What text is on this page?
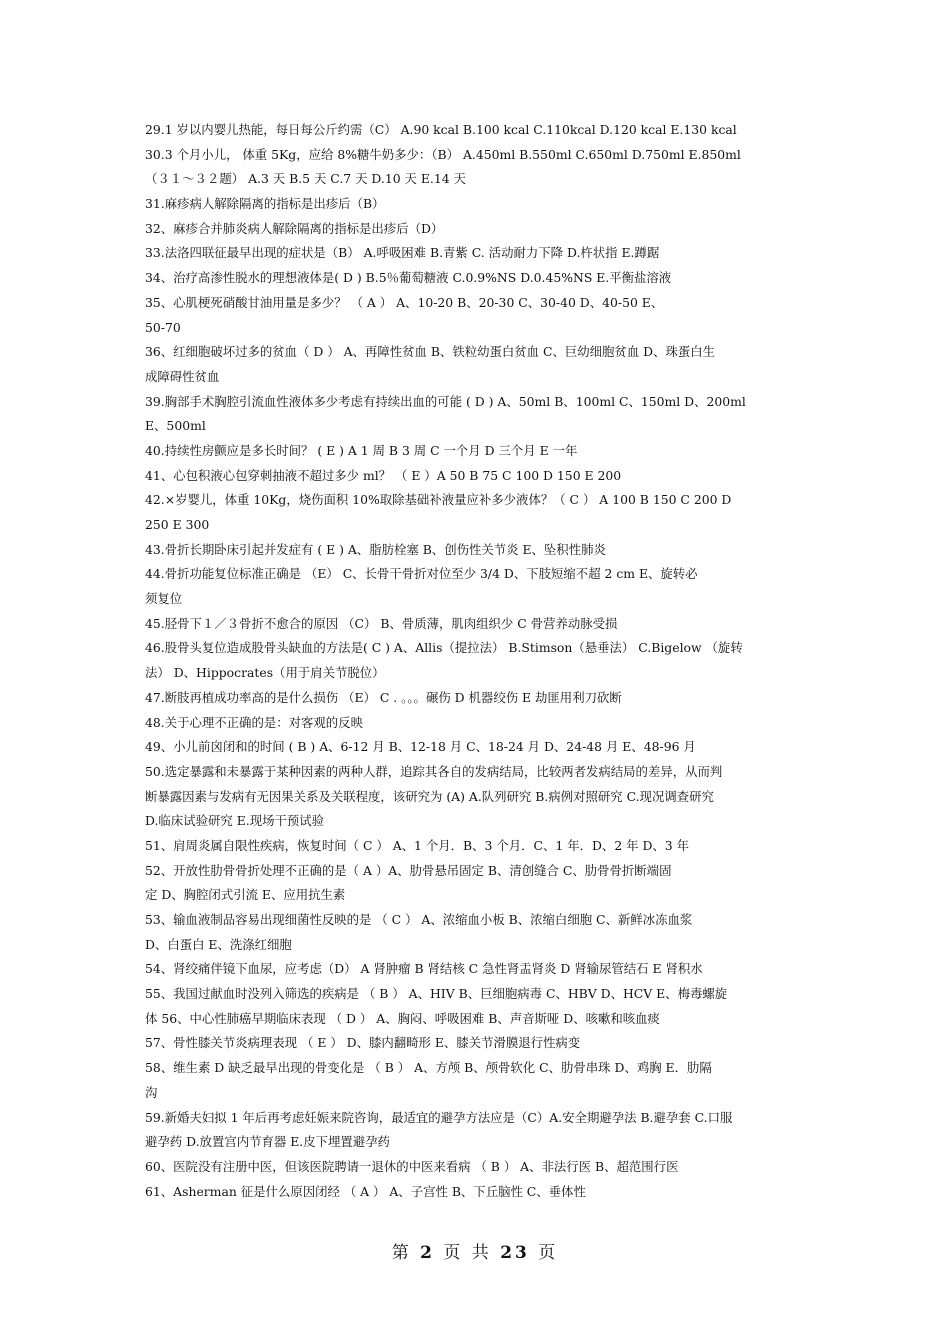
29.1 岁以内婴儿热能，每日每公斤约需（C） A.90 kcal B.100 kcal C.110kcal D.120 kcal E.130 kcal
30.3 个月小儿， 体重 5Kg，应给 8%糖牛奶多少：（B） A.450ml B.550ml C.650ml D.750ml E.850ml
（３１～３２题） A.3 天 B.5 天 C.7 天 D.10 天 E.14 天
31.麻疹病人解除隔离的指标是出疹后（B）
32、麻疹合并肺炎病人解除隔离的指标是出疹后（D）
33.法洛四联征最早出现的症状是（B） A.呼吸困难 B.青紫 C. 活动耐力下降 D.杵状指 E.蹲踞
34、治疗高渗性脱水的理想液体是( D ) B.5％葡萄糖液 C.0.9%NS D.0.45%NS E.平衡盐溶液
35、心肌梗死硝酸甘油用量是多少？ （ A ） A、10-20 B、20-30 C、30-40 D、40-50 E、
50-70
36、红细胞破坏过多的贫血（ D ） A、再障性贫血 B、铁粒幼蛋白贫血 C、巨幼细胞贫血 D、珠蛋白生
成障碍性贫血
39.胸部手术胸腔引流血性液体多少考虑有持续出血的可能 ( D ) A、50ml B、100ml C、150ml D、200ml
E、500ml
40.持续性房颤应是多长时间？ ( E ) A 1 周 B 3 周 C 一个月 D 三个月 E 一年
41、心包积液心包穿刺抽液不超过多少 ml？ （ E ）A 50 B 75 C 100 D 150 E 200
42.×岁婴儿，体重 10Kg，烧伤面积 10%取除基础补液量应补多少液体？（ C ） A 100 B 150 C 200 D
250 E 300
43.骨折长期卧床引起并发症有 ( E ) A、脂肪栓塞 B、创伤性关节炎 E、坠积性肺炎
44.骨折功能复位标准正确是 （E） C、长骨干骨折对位至少 3/4 D、下肢短缩不超 2 cm E、旋转必
须复位
45.胫骨下１／３骨折不愈合的原因 （C） B、骨质薄，肌肉组织少 C 骨营养动脉受损
46.股骨头复位造成股骨头缺血的方法是( C ) A、Allis（提拉法） B.Stimson（悬垂法） C.Bigelow （旋转
法） D、Hippocrates（用于肩关节脱位）
47.断肢再植成功率高的是什么损伤 （E） C . 。。。碾伤 D 机器绞伤 E 劫匪用利刀砍断
48.关于心理不正确的是：对客观的反映
49、小儿前囟闭和的时间 ( B ) A、6-12 月 B、12-18 月 C、18-24 月 D、24-48 月 E、48-96 月
50.选定暴露和未暴露于某种因素的两种人群，追踪其各自的发病结局，比较两者发病结局的差异，从而判
断暴露因素与发病有无因果关系及关联程度，该研究为 (A) A.队列研究 B.病例对照研究 C.现况调查研究
D.临床试验研究 E.现场干预试验
51、肩周炎属自限性疾病，恢复时间（ C ） A、1 个月．B、3 个月．C、1 年．D、2 年 D、3 年
52、开放性肋骨骨折处理不正确的是（ A ）A、肋骨悬吊固定 B、清创缝合 C、肋骨骨折断端固
定 D、胸腔闭式引流 E、应用抗生素
53、输血液制品容易出现细菌性反映的是 （ C ） A、浓缩血小板 B、浓缩白细胞 C、新鲜冰冻血浆
D、白蛋白 E、洗涤红细胞
54、肾绞痛伴镜下血尿，应考虑（D） A 肾肿瘤 B 肾结核 C 急性肾盂肾炎 D 肾输尿管结石 E 肾积水
55、我国过献血时没列入筛选的疾病是 （ B ） A、HIV B、巨细胞病毒 C、HBV D、HCV E、梅毒螺旋
体 56、中心性肺癌早期临床表现 （ D ） A、胸闷、呼吸困难 B、声音斯哑 D、咳嗽和咳血痰
57、骨性膝关节炎病理表现 （ E ） D、膝内翻畸形 E、膝关节滑膜退行性病变
58、维生素 D 缺乏最早出现的骨变化是 （ B ） A、方颅 B、颅骨软化 C、肋骨串珠 D、鸡胸 E．肋隔
沟
59.新婚夫妇拟 1 年后再考虑妊娠来院咨询，最适宜的避孕方法应是（C）A.安全期避孕法 B.避孕套 C.口服
避孕药 D.放置宫内节育器 E.皮下埋置避孕药
60、医院没有注册中医，但该医院聘请一退休的中医来看病 （ B ） A、非法行医 B、超范围行医
61、Asherman 征是什么原因闭经 （ A ） A、子宫性 B、下丘脑性 C、垂体性
第 2 页 共 23 页
